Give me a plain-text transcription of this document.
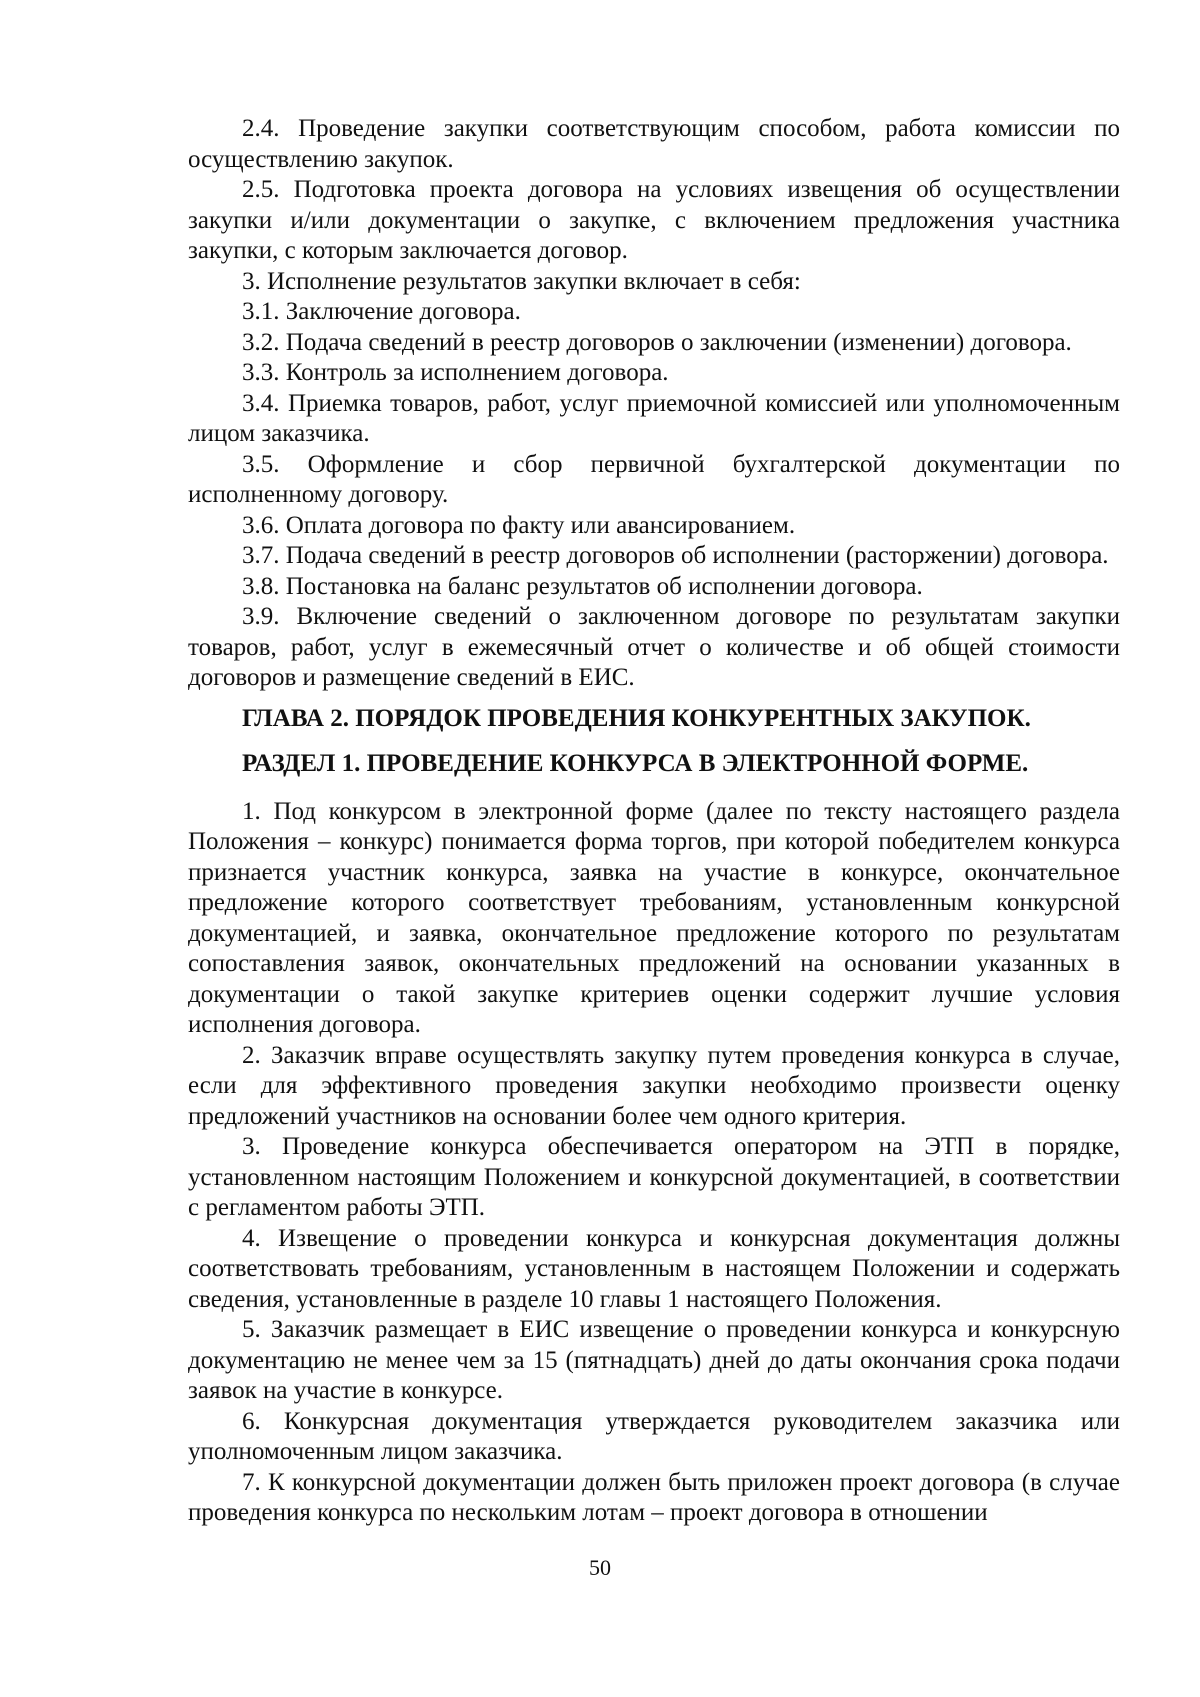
2.4. Проведение закупки соответствующим способом, работа комиссии по осуществлению закупок.

2.5. Подготовка проекта договора на условиях извещения об осуществлении закупки и/или документации о закупке, с включением предложения участника закупки, с которым заключается договор.

3. Исполнение результатов закупки включает в себя:

3.1. Заключение договора.

3.2. Подача сведений в реестр договоров о заключении (изменении) договора.

3.3. Контроль за исполнением договора.

3.4. Приемка товаров, работ, услуг приемочной комиссией или уполномоченным лицом заказчика.

3.5. Оформление и сбор первичной бухгалтерской документации по исполненному договору.

3.6. Оплата договора по факту или авансированием.

3.7. Подача сведений в реестр договоров об исполнении (расторжении) договора.

3.8. Постановка на баланс результатов об исполнении договора.

3.9. Включение сведений о заключенном договоре по результатам закупки товаров, работ, услуг в ежемесячный отчет о количестве и об общей стоимости договоров и размещение сведений в ЕИС.

ГЛАВА 2. ПОРЯДОК ПРОВЕДЕНИЯ КОНКУРЕНТНЫХ ЗАКУПОК.
РАЗДЕЛ 1. ПРОВЕДЕНИЕ КОНКУРСА В ЭЛЕКТРОННОЙ ФОРМЕ.

1. Под конкурсом в электронной форме (далее по тексту настоящего раздела Положения – конкурс) понимается форма торгов, при которой победителем конкурса признается участник конкурса, заявка на участие в конкурсе, окончательное предложение которого соответствует требованиям, установленным конкурсной документацией, и заявка, окончательное предложение которого по результатам сопоставления заявок, окончательных предложений на основании указанных в документации о такой закупке критериев оценки содержит лучшие условия исполнения договора.

2. Заказчик вправе осуществлять закупку путем проведения конкурса в случае, если для эффективного проведения закупки необходимо произвести оценку предложений участников на основании более чем одного критерия.

3. Проведение конкурса обеспечивается оператором на ЭТП в порядке, установленном настоящим Положением и конкурсной документацией, в соответствии с регламентом работы ЭТП.

4. Извещение о проведении конкурса и конкурсная документация должны соответствовать требованиям, установленным в настоящем Положении и содержать сведения, установленные в разделе 10 главы 1 настоящего Положения.

5. Заказчик размещает в ЕИС извещение о проведении конкурса и конкурсную документацию не менее чем за 15 (пятнадцать) дней до даты окончания срока подачи заявок на участие в конкурсе.

6. Конкурсная документация утверждается руководителем заказчика или уполномоченным лицом заказчика.

7. К конкурсной документации должен быть приложен проект договора (в случае проведения конкурса по нескольким лотам – проект договора в отношении

50
